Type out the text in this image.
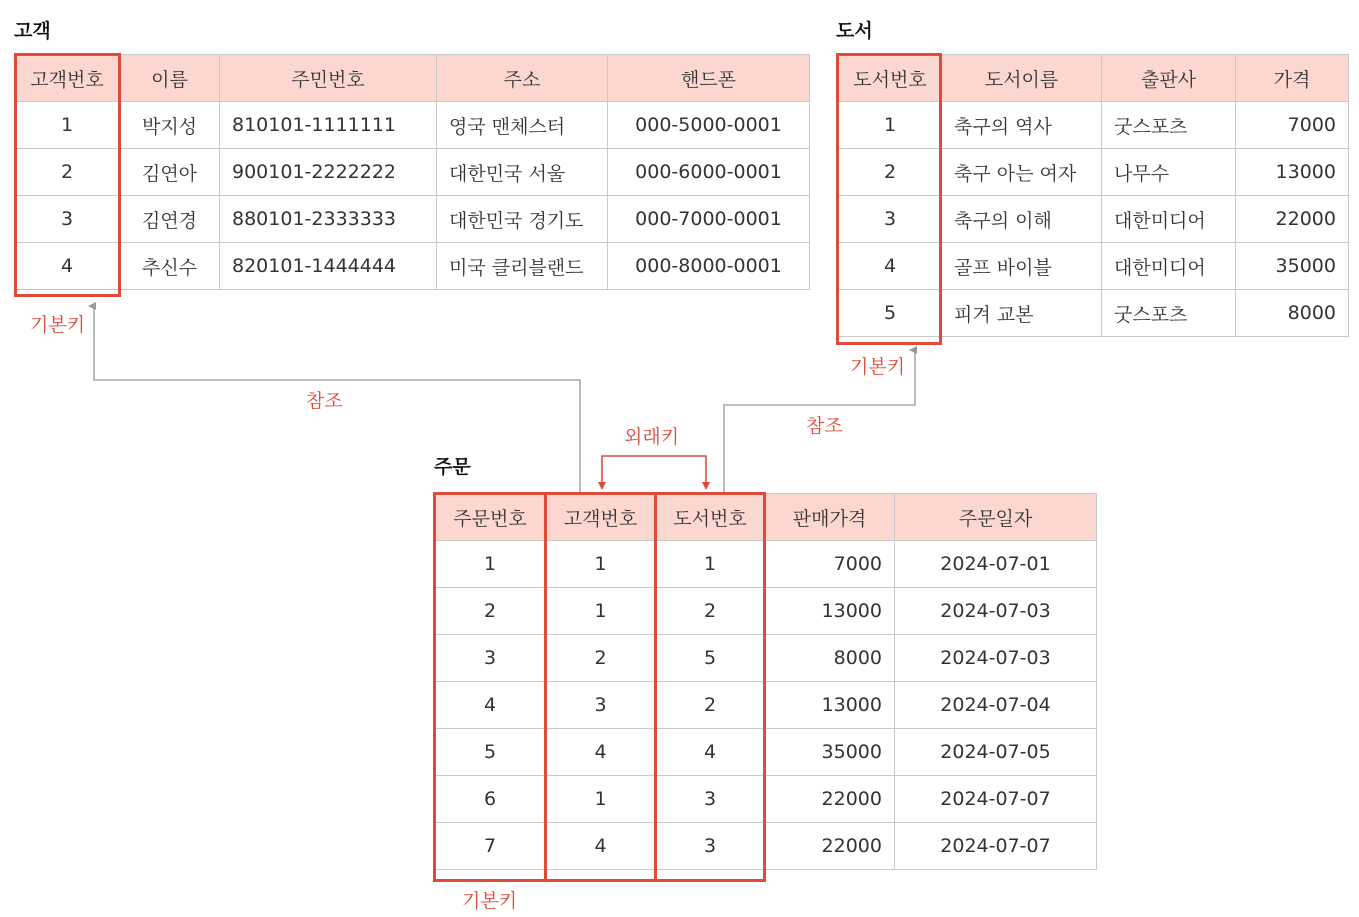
고객
고객번호	이름	주민번호	주소	핸드폰
1	박지성	810101-1111111	영국 맨체스터	000-5000-0001
2	김연아	900101-2222222	대한민국 서울	000-6000-0001
3	김연경	880101-2333333	대한민국 경기도	000-7000-0001
4	추신수	820101-1444444	미국 클리블랜드	000-8000-0001
기본키
도서
도서번호	도서이름	출판사	가격
1	축구의 역사	굿스포츠	7000
2	축구 아는 여자	나무수	13000
3	축구의 이해	대한미디어	22000
4	골프 바이블	대한미디어	35000
5	피겨 교본	굿스포츠	8000
기본키
참조
참조
외래키
주문
주문번호	고객번호	도서번호	판매가격	주문일자
1	1	1	7000	2024-07-01
2	1	2	13000	2024-07-03
3	2	5	8000	2024-07-03
4	3	2	13000	2024-07-04
5	4	4	35000	2024-07-05
6	1	3	22000	2024-07-07
7	4	3	22000	2024-07-07
기본키
